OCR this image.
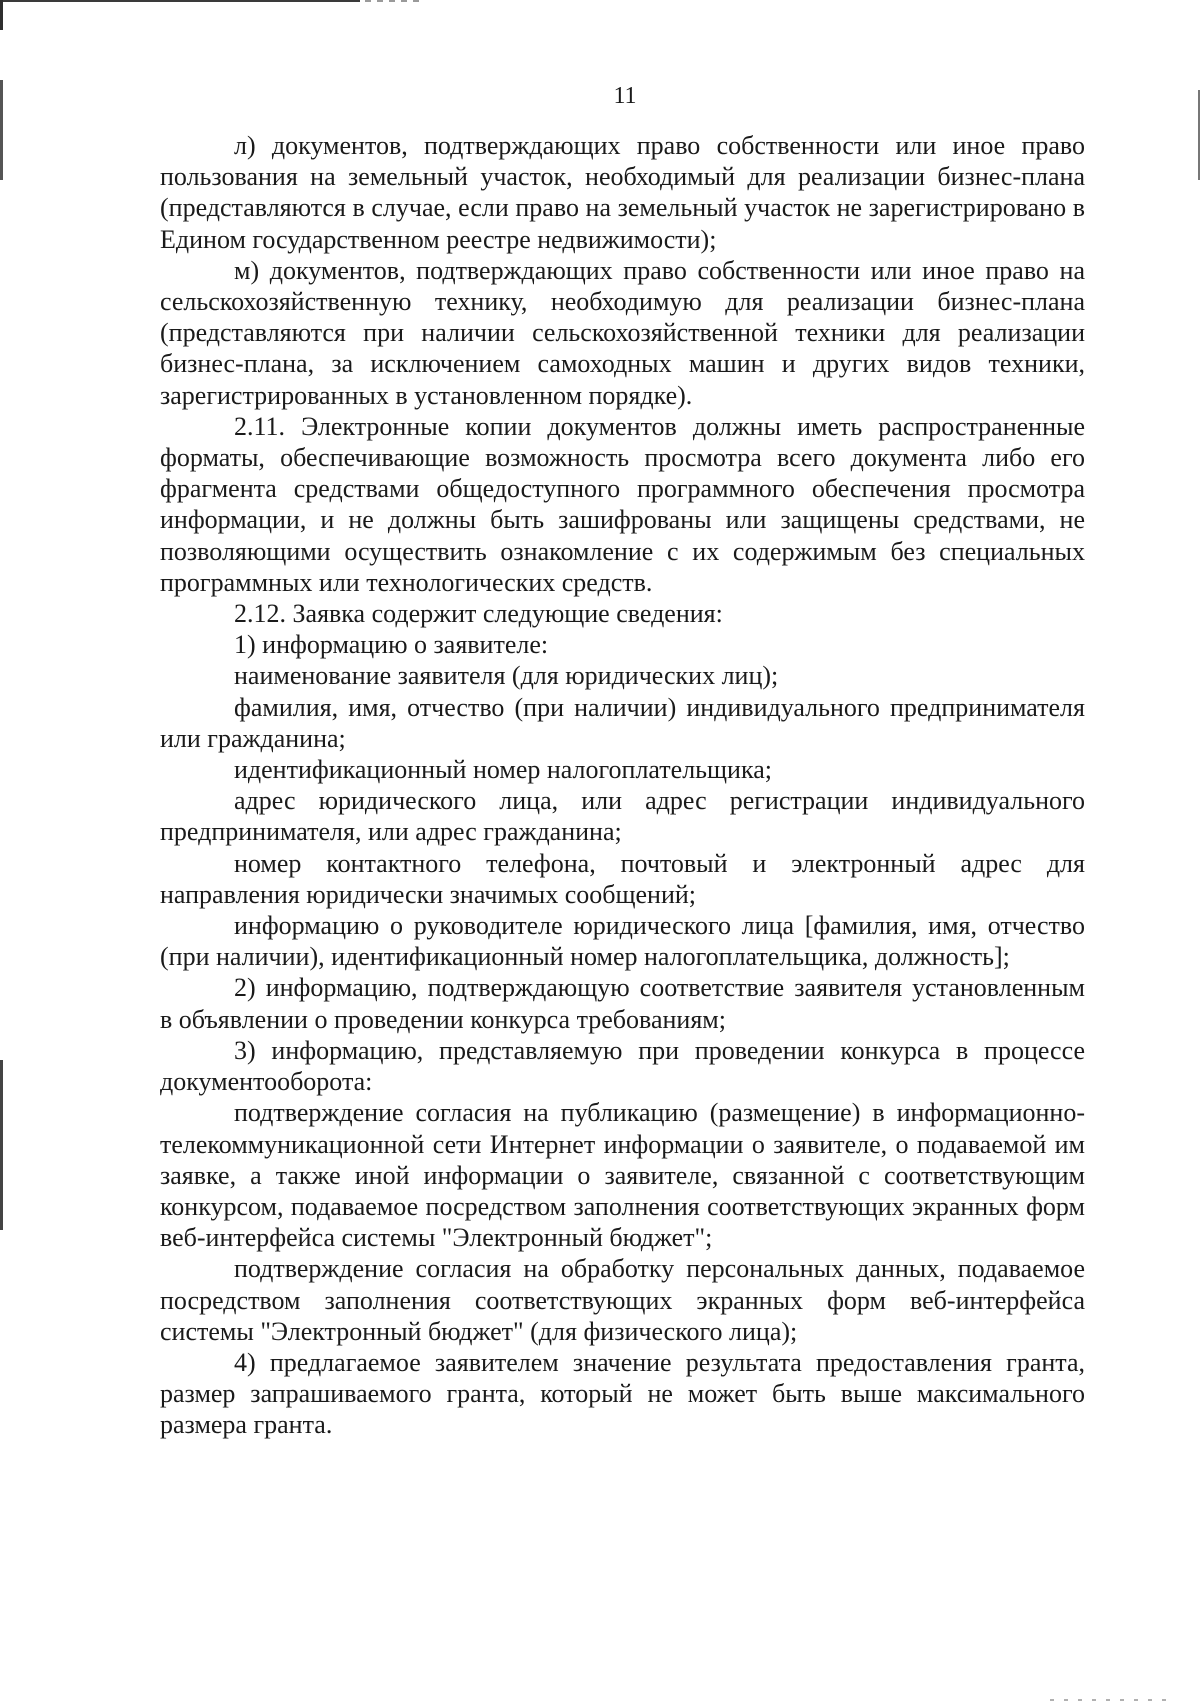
11

л) документов, подтверждающих право собственности или иное право пользования на земельный участок, необходимый для реализации бизнес-плана (представляются в случае, если право на земельный участок не зарегистрировано в Едином государственном реестре недвижимости);

м) документов, подтверждающих право собственности или иное право на сельскохозяйственную технику, необходимую для реализации бизнес-плана (представляются при наличии сельскохозяйственной техники для реализации бизнес-плана, за исключением самоходных машин и других видов техники, зарегистрированных в установленном порядке).

2.11. Электронные копии документов должны иметь распространенные форматы, обеспечивающие возможность просмотра всего документа либо его фрагмента средствами общедоступного программного обеспечения просмотра информации, и не должны быть зашифрованы или защищены средствами, не позволяющими осуществить ознакомление с их содержимым без специальных программных или технологических средств.

2.12. Заявка содержит следующие сведения:

1) информацию о заявителе:

наименование заявителя (для юридических лиц);

фамилия, имя, отчество (при наличии) индивидуального предпринимателя или гражданина;

идентификационный номер налогоплательщика;

адрес юридического лица, или адрес регистрации индивидуального предпринимателя, или адрес гражданина;

номер контактного телефона, почтовый и электронный адрес для направления юридически значимых сообщений;

информацию о руководителе юридического лица [фамилия, имя, отчество (при наличии), идентификационный номер налогоплательщика, должность];

2) информацию, подтверждающую соответствие заявителя установленным в объявлении о проведении конкурса требованиям;

3) информацию, представляемую при проведении конкурса в процессе документооборота:

подтверждение согласия на публикацию (размещение) в информационно-телекоммуникационной сети Интернет информации о заявителе, о подаваемой им заявке, а также иной информации о заявителе, связанной с соответствующим конкурсом, подаваемое посредством заполнения соответствующих экранных форм веб-интерфейса системы "Электронный бюджет";

подтверждение согласия на обработку персональных данных, подаваемое посредством заполнения соответствующих экранных форм веб-интерфейса системы "Электронный бюджет" (для физического лица);

4) предлагаемое заявителем значение результата предоставления гранта, размер запрашиваемого гранта, который не может быть выше максимального размера гранта.
